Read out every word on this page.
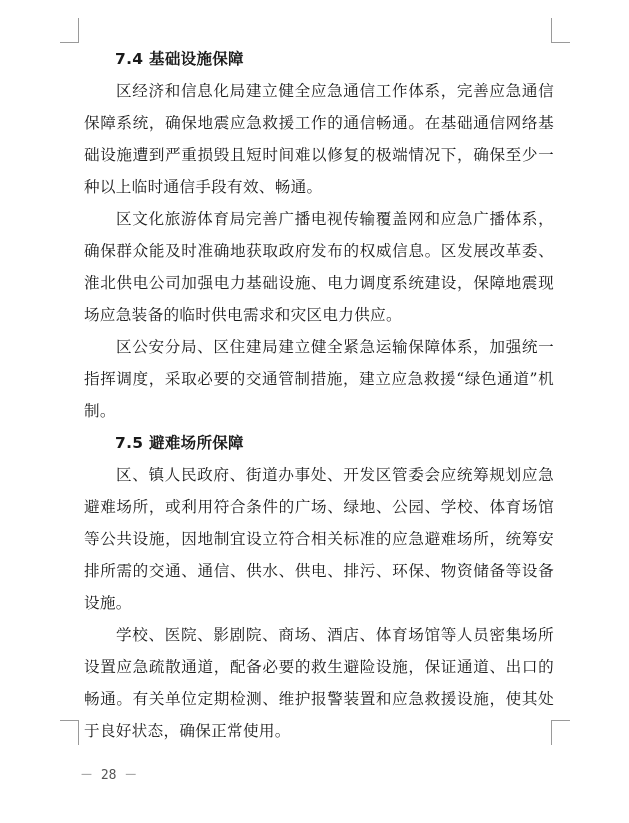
7.4 基础设施保障

区经济和信息化局建立健全应急通信工作体系，完善应急通信保障系统，确保地震应急救援工作的通信畅通。在基础通信网络基础设施遭到严重损毁且短时间难以修复的极端情况下，确保至少一种以上临时通信手段有效、畅通。

区文化旅游体育局完善广播电视传输覆盖网和应急广播体系，确保群众能及时准确地获取政府发布的权威信息。区发展改革委、淮北供电公司加强电力基础设施、电力调度系统建设，保障地震现场应急装备的临时供电需求和灾区电力供应。

区公安分局、区住建局建立健全紧急运输保障体系，加强统一指挥调度，采取必要的交通管制措施，建立应急救援“绿色通道”机制。

7.5 避难场所保障

区、镇人民政府、街道办事处、开发区管委会应统筹规划应急避难场所，或利用符合条件的广场、绿地、公园、学校、体育场馆等公共设施，因地制宜设立符合相关标准的应急避难场所，统筹安排所需的交通、通信、供水、供电、排污、环保、物资储备等设备设施。

学校、医院、影剧院、商场、酒店、体育场馆等人员密集场所设置应急疏散通道，配备必要的救生避险设施，保证通道、出口的畅通。有关单位定期检测、维护报警装置和应急救援设施，使其处于良好状态，确保正常使用。

－ 28 －
